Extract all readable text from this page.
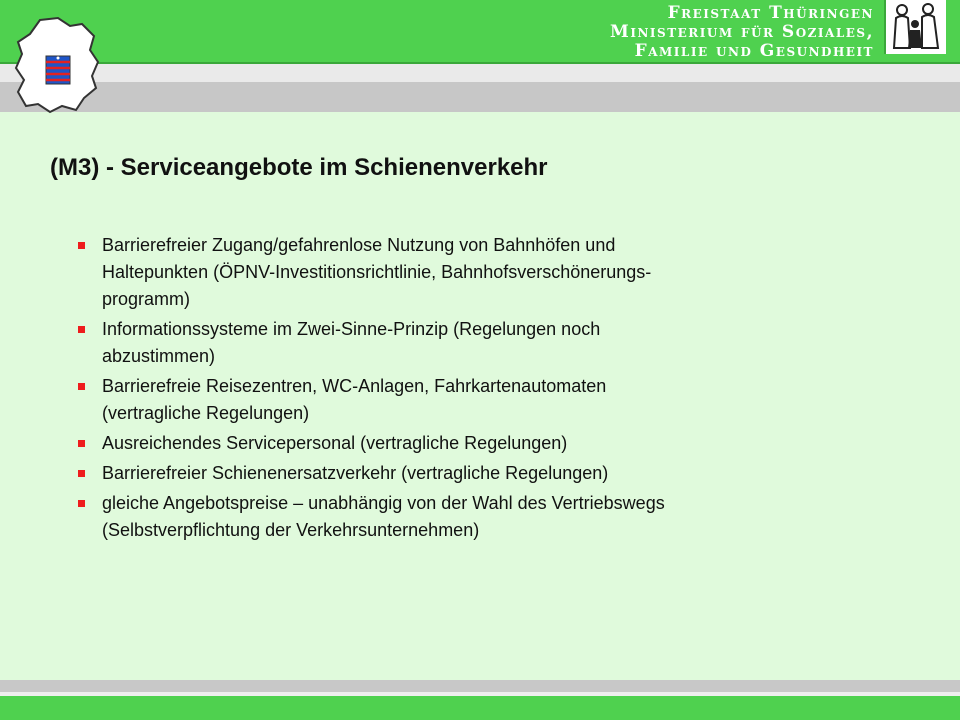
Freistaat Thüringen
Ministerium für Soziales,
Familie und Gesundheit
(M3) - Serviceangebote im Schienenverkehr
Barrierefreier Zugang/gefahrenlose Nutzung von Bahnhöfen und
Haltepunkten (ÖPNV-Investitionsrichtlinie, Bahnhofsverschönerungs-
programm)
Informationssysteme im Zwei-Sinne-Prinzip (Regelungen noch
abzustimmen)
Barrierefreie Reisezentren, WC-Anlagen, Fahrkartenautomaten
(vertragliche Regelungen)
Ausreichendes Servicepersonal (vertragliche Regelungen)
Barrierefreier Schienenersatzverkehr (vertragliche Regelungen)
gleiche Angebotspreise – unabhängig von der Wahl des Vertriebswegs
(Selbstverpflichtung der Verkehrsunternehmen)
